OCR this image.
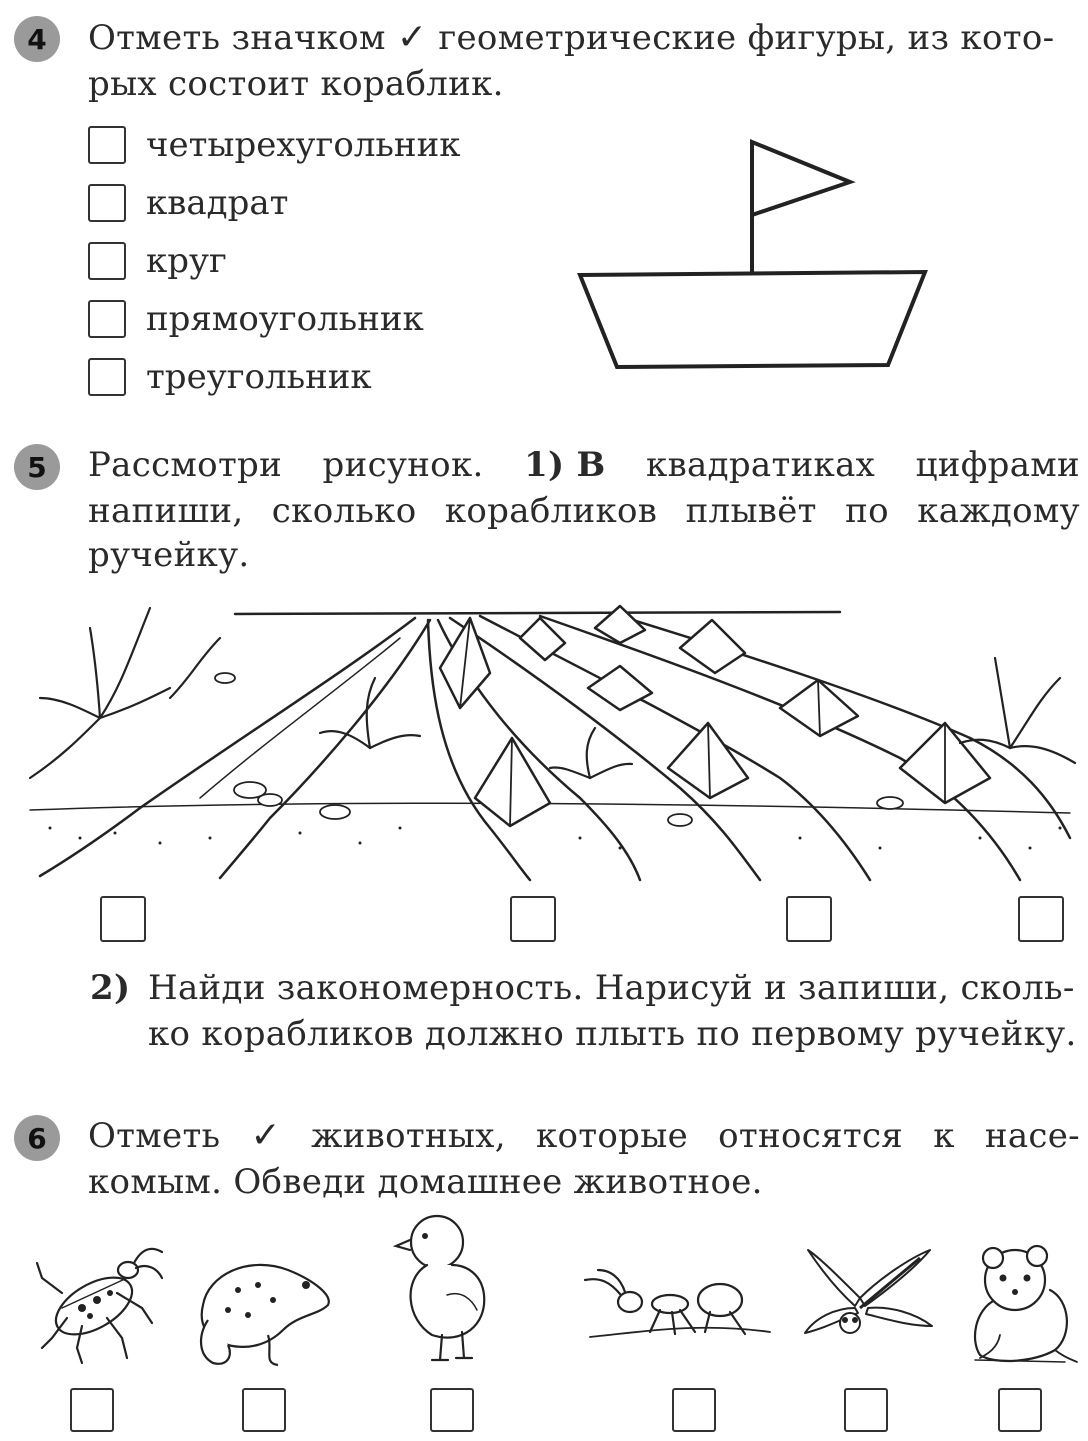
4 Отметь значком ✓ геометрические фигуры, из кото-
рых состоит кораблик.
четырехугольник
квадрат
круг
прямоугольник
треугольник
5 Рассмотри рисунок. 1) В квадратиках цифрами
напиши, сколько корабликов плывёт по каждому
ручейку.
2) Найди закономерность. Нарисуй и запиши, сколь-
ко корабликов должно плыть по первому ручейку.
6 Отметь ✓ животных, которые относятся к насе-
комым. Обведи домашнее животное.
